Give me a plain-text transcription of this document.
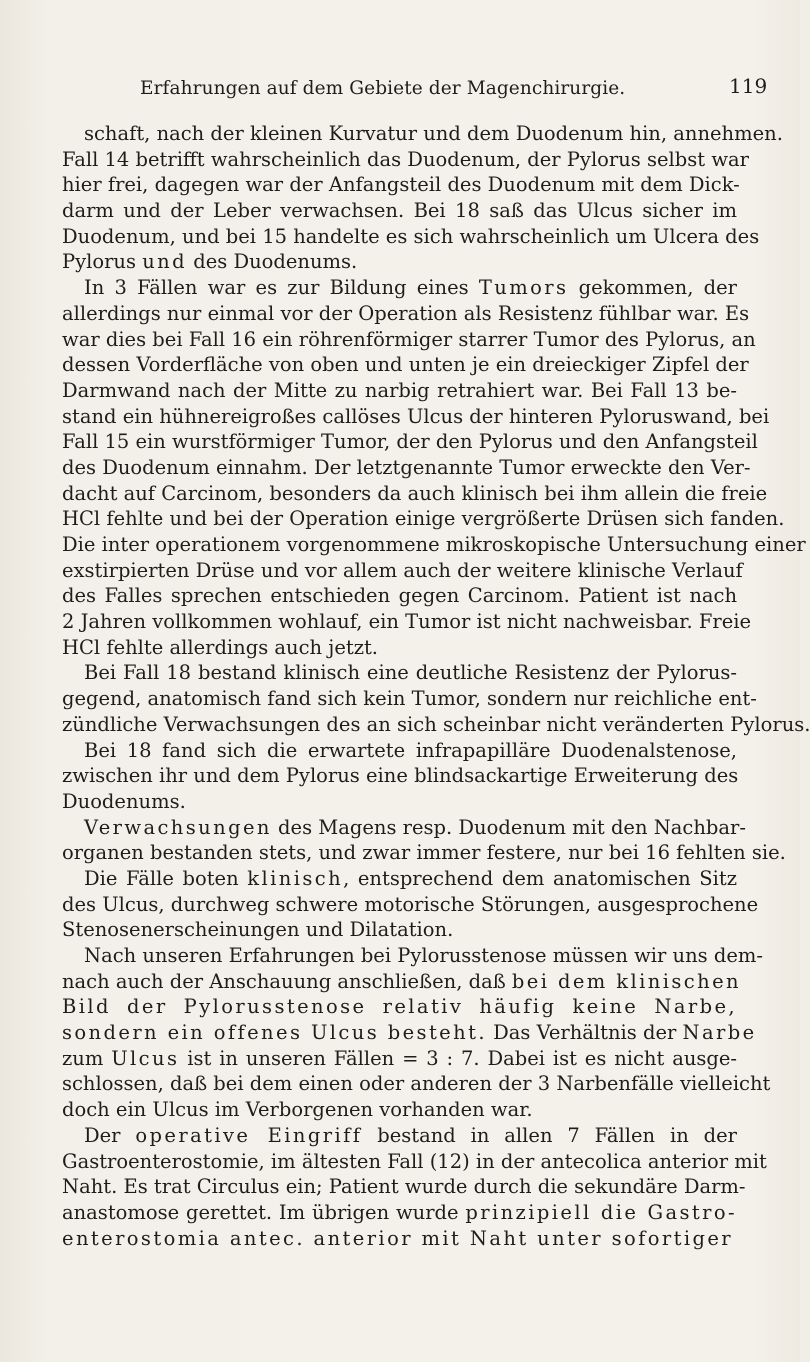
Erfahrungen auf dem Gebiete der Magenchirurgie.	119
schaft, nach der kleinen Kurvatur und dem Duodenum hin, annehmen.
Fall 14 betrifft wahrscheinlich das Duodenum, der Pylorus selbst war
hier frei, dagegen war der Anfangsteil des Duodenum mit dem Dick-
darm und der Leber verwachsen. Bei 18 saß das Ulcus sicher im
Duodenum, und bei 15 handelte es sich wahrscheinlich um Ulcera des
Pylorus und des Duodenums.
In 3 Fällen war es zur Bildung eines Tumors gekommen, der
allerdings nur einmal vor der Operation als Resistenz fühlbar war. Es
war dies bei Fall 16 ein röhrenförmiger starrer Tumor des Pylorus, an
dessen Vorderfläche von oben und unten je ein dreieckiger Zipfel der
Darmwand nach der Mitte zu narbig retrahiert war. Bei Fall 13 be-
stand ein hühnereigroßes callöses Ulcus der hinteren Pyloruswand, bei
Fall 15 ein wurstförmiger Tumor, der den Pylorus und den Anfangsteil
des Duodenum einnahm. Der letztgenannte Tumor erweckte den Ver-
dacht auf Carcinom, besonders da auch klinisch bei ihm allein die freie
HCl fehlte und bei der Operation einige vergrößerte Drüsen sich fanden.
Die inter operationem vorgenommene mikroskopische Untersuchung einer
exstirpierten Drüse und vor allem auch der weitere klinische Verlauf
des Falles sprechen entschieden gegen Carcinom. Patient ist nach
2 Jahren vollkommen wohlauf, ein Tumor ist nicht nachweisbar. Freie
HCl fehlte allerdings auch jetzt.
Bei Fall 18 bestand klinisch eine deutliche Resistenz der Pylorus-
gegend, anatomisch fand sich kein Tumor, sondern nur reichliche ent-
zündliche Verwachsungen des an sich scheinbar nicht veränderten Pylorus.
Bei 18 fand sich die erwartete infrapapilläre Duodenalstenose,
zwischen ihr und dem Pylorus eine blindsackartige Erweiterung des
Duodenums.
Verwachsungen des Magens resp. Duodenum mit den Nachbar-
organen bestanden stets, und zwar immer festere, nur bei 16 fehlten sie.
Die Fälle boten klinisch, entsprechend dem anatomischen Sitz
des Ulcus, durchweg schwere motorische Störungen, ausgesprochene
Stenosenerscheinungen und Dilatation.
Nach unseren Erfahrungen bei Pylorusstenose müssen wir uns dem-
nach auch der Anschauung anschließen, daß bei dem klinischen
Bild der Pylorusstenose relativ häufig keine Narbe,
sondern ein offenes Ulcus besteht. Das Verhältnis der Narbe
zum Ulcus ist in unseren Fällen = 3 : 7. Dabei ist es nicht ausge-
schlossen, daß bei dem einen oder anderen der 3 Narbenfälle vielleicht
doch ein Ulcus im Verborgenen vorhanden war.
Der operative Eingriff bestand in allen 7 Fällen in der
Gastroenterostomie, im ältesten Fall (12) in der antecolica anterior mit
Naht. Es trat Circulus ein; Patient wurde durch die sekundäre Darm-
anastomose gerettet. Im übrigen wurde prinzipiell die Gastro-
enterostomia antec. anterior mit Naht unter sofortiger
